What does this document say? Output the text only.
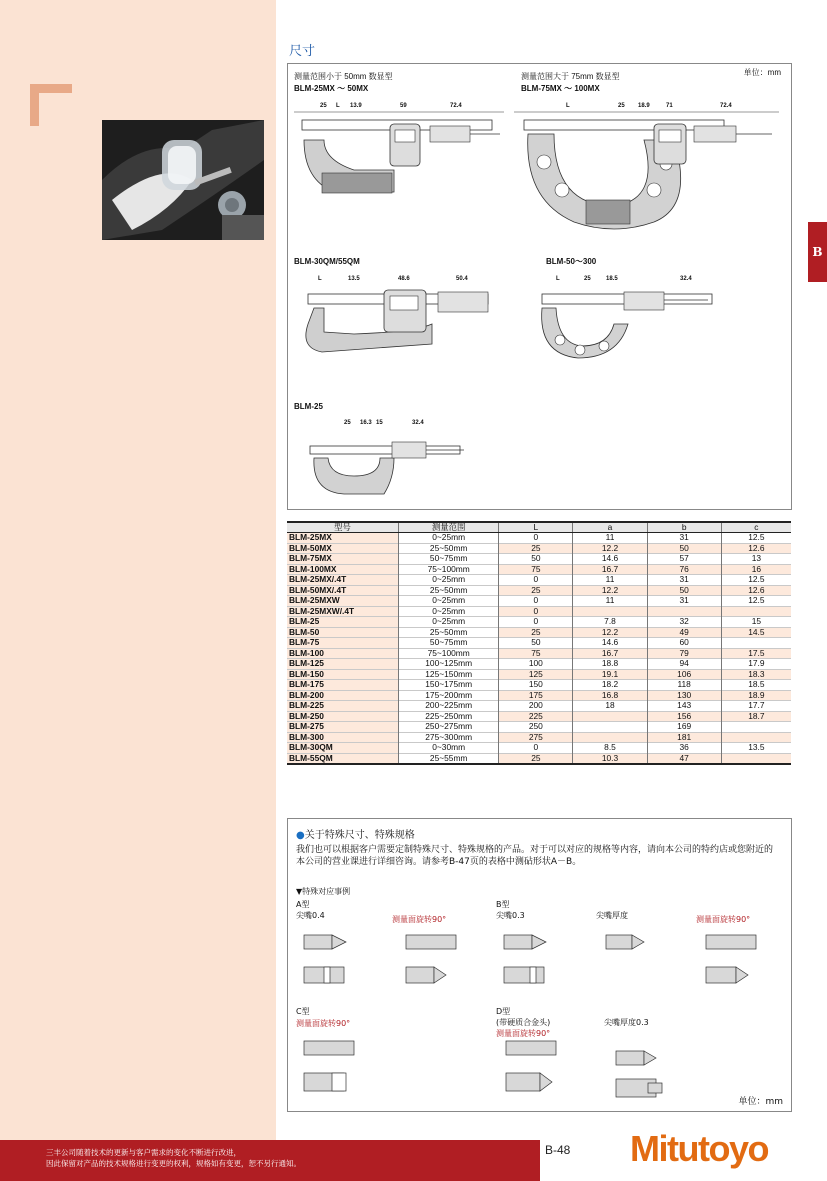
B
尺寸
单位：mm
测量范围小于 50mm 数显型
BLM-25MX ～ 50MX
25 L 13.9	59	72.4
测量范围大于 75mm 数显型
BLM-75MX ～ 100MX
L	25 18.9	71	72.4
BLM-30QM/55QM
L	13.5	48.6	50.4
BLM-50～300
L	25	18.5	32.4
BLM-25
25 16.3 15	32.4
型号	测量范围	L	a	b	c
BLM-25MX	0~25mm	0	11	31	12.5
BLM-50MX	25~50mm	25	12.2	50	12.6
BLM-75MX	50~75mm	50	14.6	57	13
BLM-100MX	75~100mm	75	16.7	76	16
BLM-25MX/.4T	0~25mm	0	11	31	12.5
BLM-50MX/.4T	25~50mm	25	12.2	50	12.6
BLM-25MXW	0~25mm	0	11	31	12.5
BLM-25MXW/.4T	0~25mm	0			
BLM-25	0~25mm	0	7.8	32	15
BLM-50	25~50mm	25	12.2	49	14.5
BLM-75	50~75mm	50	14.6	60	
BLM-100	75~100mm	75	16.7	79	17.5
BLM-125	100~125mm	100	18.8	94	17.9
BLM-150	125~150mm	125	19.1	106	18.3
BLM-175	150~175mm	150	18.2	118	18.5
BLM-200	175~200mm	175	16.8	130	18.9
BLM-225	200~225mm	200	18	143	17.7
BLM-250	225~250mm	225		156	18.7
BLM-275	250~275mm	250		169	
BLM-300	275~300mm	275		181	
BLM-30QM	0~30mm	0	8.5	36	13.5
BLM-55QM	25~55mm	25	10.3	47	
●关于特殊尺寸、特殊规格
我们也可以根据客户需要定制特殊尺寸、特殊规格的产品。对于可以对应的规格等内容，请向本公司的特约店或您附近的本公司的营业课进行详细咨询。请参考B-47页的表格中测砧形状A－B。
▼特殊对应事例
A型
尖嘴0.4	测量面旋转90°
B型
尖嘴0.3	尖嘴厚度	测量面旋转90°
C型
测量面旋转90°
D型
(带硬质合金头)
测量面旋转90°
尖嘴厚度0.3
单位：mm
三丰公司随着技术的更新与客户需求的变化不断进行改进，
因此保留对产品的技术规格进行变更的权利，规格如有变更，恕不另行通知。
B-48 Mitutoyo
